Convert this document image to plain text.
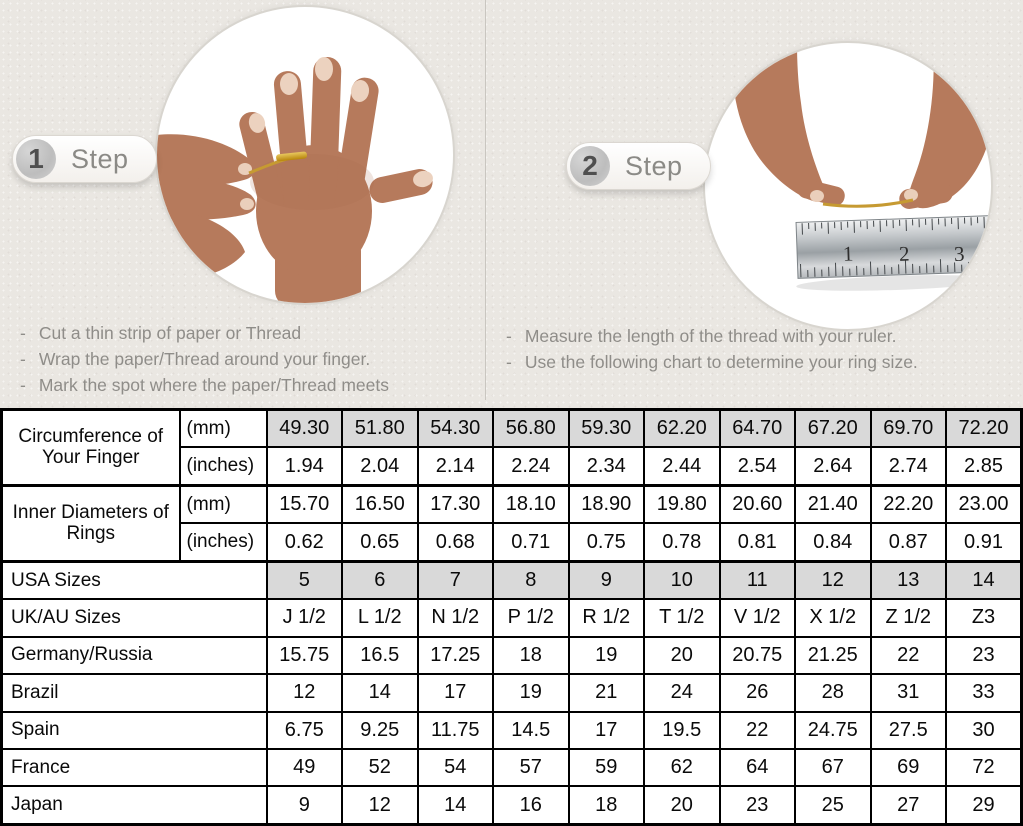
1 2 3
1	Step	2	Step
- Cut a thin strip of paper or Thread
- Wrap the paper/Thread around your finger.
- Mark the spot where the paper/Thread meets
- Measure the length of the thread with your ruler.
- Use the following chart to determine your ring size.
Circumference of Your Finger	(mm)	49.30	51.80	54.30	56.80	59.30	62.20	64.70	67.20	69.70	72.20
	(inches)	1.94	2.04	2.14	2.24	2.34	2.44	2.54	2.64	2.74	2.85
Inner Diameters of Rings	(mm)	15.70	16.50	17.30	18.10	18.90	19.80	20.60	21.40	22.20	23.00
	(inches)	0.62	0.65	0.68	0.71	0.75	0.78	0.81	0.84	0.87	0.91
USA Sizes		5	6	7	8	9	10	11	12	13	14
UK/AU Sizes		J 1/2	L 1/2	N 1/2	P 1/2	R 1/2	T 1/2	V 1/2	X 1/2	Z 1/2	Z3
Germany/Russia		15.75	16.5	17.25	18	19	20	20.75	21.25	22	23
Brazil		12	14	17	19	21	24	26	28	31	33
Spain		6.75	9.25	11.75	14.5	17	19.5	22	24.75	27.5	30
France		49	52	54	57	59	62	64	67	69	72
Japan		9	12	14	16	18	20	23	25	27	29
